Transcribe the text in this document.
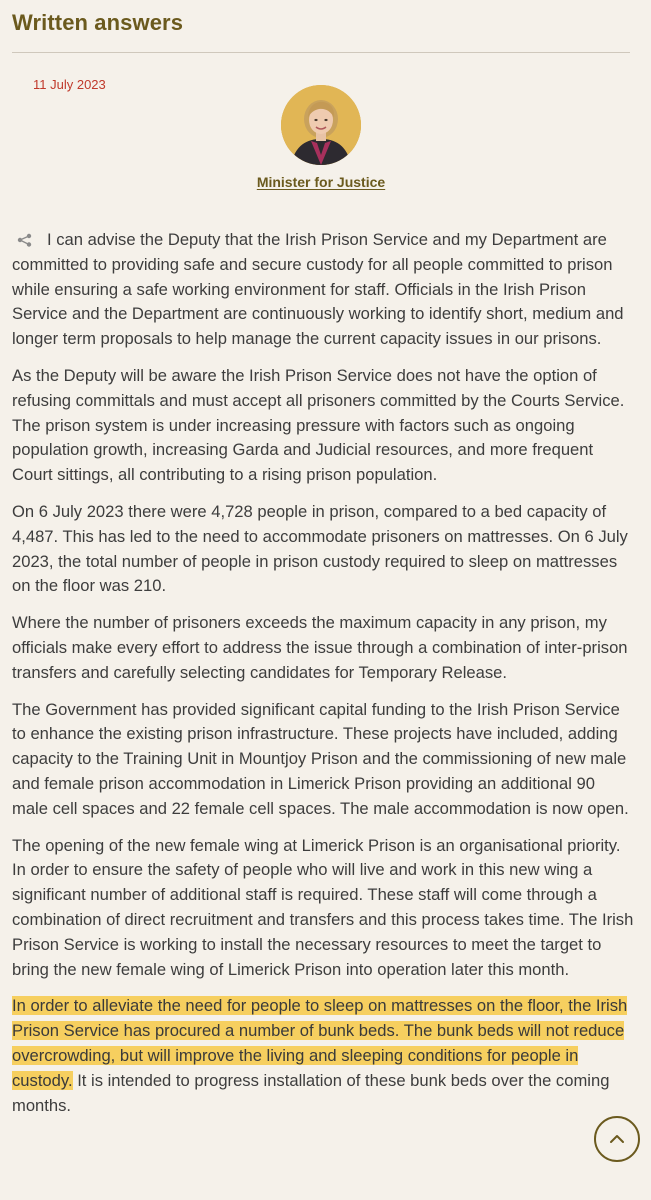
Written answers
11 July 2023
Minister for Justice

I can advise the Deputy that the Irish Prison Service and my Department are committed to providing safe and secure custody for all people committed to prison while ensuring a safe working environment for staff. Officials in the Irish Prison Service and the Department are continuously working to identify short, medium and longer term proposals to help manage the current capacity issues in our prisons.

As the Deputy will be aware the Irish Prison Service does not have the option of refusing committals and must accept all prisoners committed by the Courts Service. The prison system is under increasing pressure with factors such as ongoing population growth, increasing Garda and Judicial resources, and more frequent Court sittings, all contributing to a rising prison population.

On 6 July 2023 there were 4,728 people in prison, compared to a bed capacity of 4,487. This has led to the need to accommodate prisoners on mattresses. On 6 July 2023, the total number of people in prison custody required to sleep on mattresses on the floor was 210.

Where the number of prisoners exceeds the maximum capacity in any prison, my officials make every effort to address the issue through a combination of inter-prison transfers and carefully selecting candidates for Temporary Release.

The Government has provided significant capital funding to the Irish Prison Service to enhance the existing prison infrastructure. These projects have included, adding capacity to the Training Unit in Mountjoy Prison and the commissioning of new male and female prison accommodation in Limerick Prison providing an additional 90 male cell spaces and 22 female cell spaces. The male accommodation is now open.

The opening of the new female wing at Limerick Prison is an organisational priority. In order to ensure the safety of people who will live and work in this new wing a significant number of additional staff is required. These staff will come through a combination of direct recruitment and transfers and this process takes time. The Irish Prison Service is working to install the necessary resources to meet the target to bring the new female wing of Limerick Prison into operation later this month.

In order to alleviate the need for people to sleep on mattresses on the floor, the Irish Prison Service has procured a number of bunk beds. The bunk beds will not reduce overcrowding, but will improve the living and sleeping conditions for people in custody. It is intended to progress installation of these bunk beds over the coming months.
